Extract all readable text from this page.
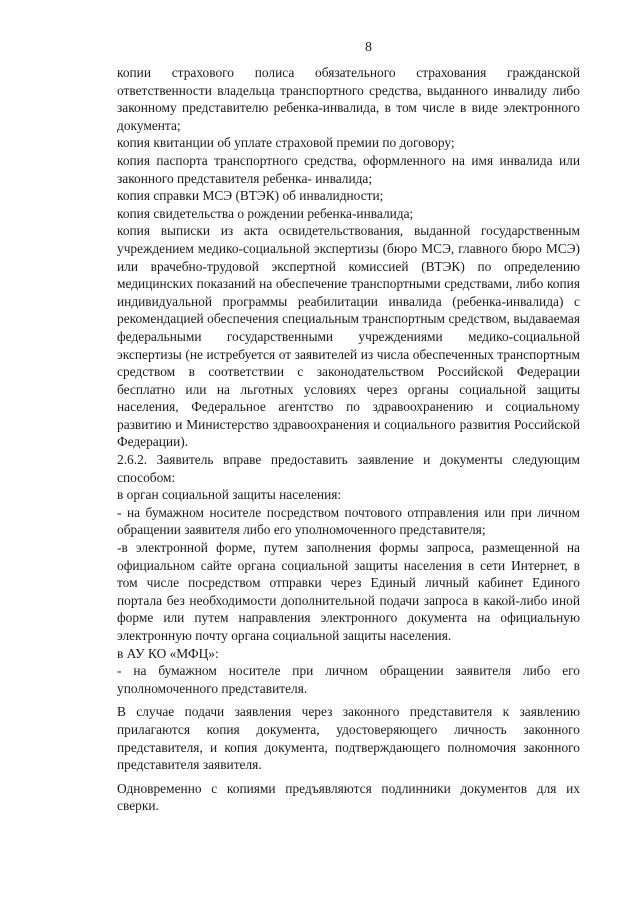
8

копии страхового полиса обязательного страхования гражданской ответственности владельца транспортного средства, выданного инвалиду либо законному представителю ребенка-инвалида, в том числе в виде электронного документа;

копия квитанции об уплате страховой премии по договору;

копия паспорта транспортного средства, оформленного на имя инвалида или законного представителя ребенка- инвалида;

копия справки МСЭ (ВТЭК) об инвалидности;

копия свидетельства о рождении ребенка-инвалида;

копия выписки из акта освидетельствования, выданной государственным учреждением медико-социальной экспертизы (бюро МСЭ, главного бюро МСЭ) или врачебно-трудовой экспертной комиссией (ВТЭК) по определению медицинских показаний на обеспечение транспортными средствами, либо копия индивидуальной программы реабилитации инвалида (ребенка-инвалида) с рекомендацией обеспечения специальным транспортным средством, выдаваемая федеральными государственными учреждениями медико-социальной экспертизы (не истребуется от заявителей из числа обеспеченных транспортным средством в соответствии с законодательством Российской Федерации бесплатно или на льготных условиях через органы социальной защиты населения, Федеральное агентство по здравоохранению и социальному развитию и Министерство здравоохранения и социального развития Российской Федерации).

2.6.2. Заявитель вправе предоставить заявление и документы следующим способом:

в орган социальной защиты населения:

- на бумажном носителе посредством почтового отправления или при личном обращении заявителя либо его уполномоченного представителя;

-в электронной форме, путем заполнения формы запроса, размещенной на официальном сайте органа социальной защиты населения в сети Интернет, в том числе посредством отправки через Единый личный кабинет Единого портала без необходимости дополнительной подачи запроса в какой-либо иной форме или путем направления электронного документа на официальную электронную почту органа социальной защиты населения.

в АУ КО «МФЦ»:

- на бумажном носителе при личном обращении заявителя либо его уполномоченного представителя.

В случае подачи заявления через законного представителя к заявлению прилагаются копия документа, удостоверяющего личность законного представителя, и копия документа, подтверждающего полномочия законного представителя заявителя.

Одновременно с копиями предъявляются подлинники документов для их сверки.
